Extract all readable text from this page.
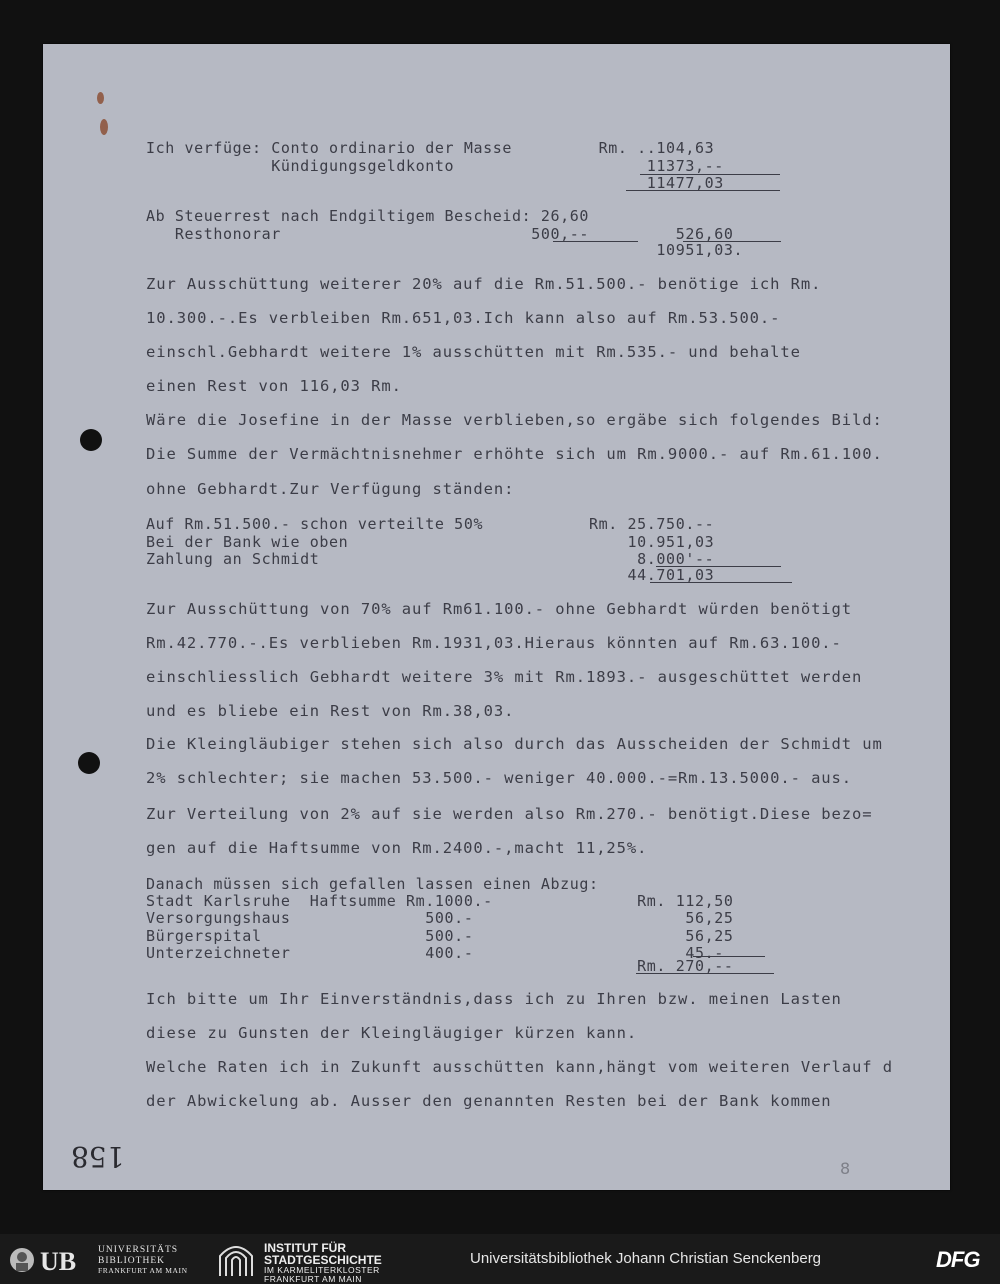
Ich verfüge: Conto ordinario der Masse         Rm. ..104,63
Kündigungsgeldkonto                    11373,--
11477,03
Ab Steuerrest nach Endgiltigem Bescheid: 26,60
Resthonorar                          500,--         526,60
10951,03.
Zur Ausschüttung weiterer 20% auf die Rm.51.500.- benötige ich Rm.
10.300.-.Es verbleiben Rm.651,03.Ich kann also auf Rm.53.500.-
einschl.Gebhardt weitere 1% ausschütten mit Rm.535.- und behalte
einen Rest von 116,03 Rm.
Wäre die Josefine in der Masse verblieben,so ergäbe sich folgendes Bild:
Die Summe der Vermächtnisnehmer erhöhte sich um Rm.9000.- auf Rm.61.100.
ohne Gebhardt.Zur Verfügung ständen:
Auf Rm.51.500.- schon verteilte 50%           Rm. 25.750.--
Bei der Bank wie oben                             10.951,03
Zahlung an Schmidt                                 8.000'--
44.701,03
Zur Ausschüttung von 70% auf Rm61.100.- ohne Gebhardt würden benötigt
Rm.42.770.-.Es verblieben Rm.1931,03.Hieraus könnten auf Rm.63.100.-
einschliesslich Gebhardt weitere 3% mit Rm.1893.- ausgeschüttet werden
und es bliebe ein Rest von Rm.38,03.
Die Kleingläubiger stehen sich also durch das Ausscheiden der Schmidt um
2% schlechter; sie machen 53.500.- weniger 40.000.-=Rm.13.5000.- aus.
Zur Verteilung von 2% auf sie werden also Rm.270.- benötigt.Diese bezo=
gen auf die Haftsumme von Rm.2400.-,macht 11,25%.
Danach müssen sich gefallen lassen einen Abzug:
Stadt Karlsruhe  Haftsumme Rm.1000.-               Rm. 112,50
Versorgungshaus              500.-                      56,25
Bürgerspital                 500.-                      56,25
Unterzeichneter              400.-                      45.-
Rm. 270,--
Ich bitte um Ihr Einverständnis,dass ich zu Ihren bzw. meinen Lasten
diese zu Gunsten der Kleingläugiger kürzen kann.
Welche Raten ich in Zukunft ausschütten kann,hängt vom weiteren Verlauf d
der Abwickelung ab. Ausser den genannten Resten bei der Bank kommen
158	8
UB UNIVERSITÄTS
BIBLIOTHEK
FRANKFURT AM MAIN
INSTITUT FÜR
STADTGESCHICHTE
IM KARMELITERKLOSTER
FRANKFURT AM MAIN
Universitätsbibliothek Johann Christian Senckenberg	DFG
